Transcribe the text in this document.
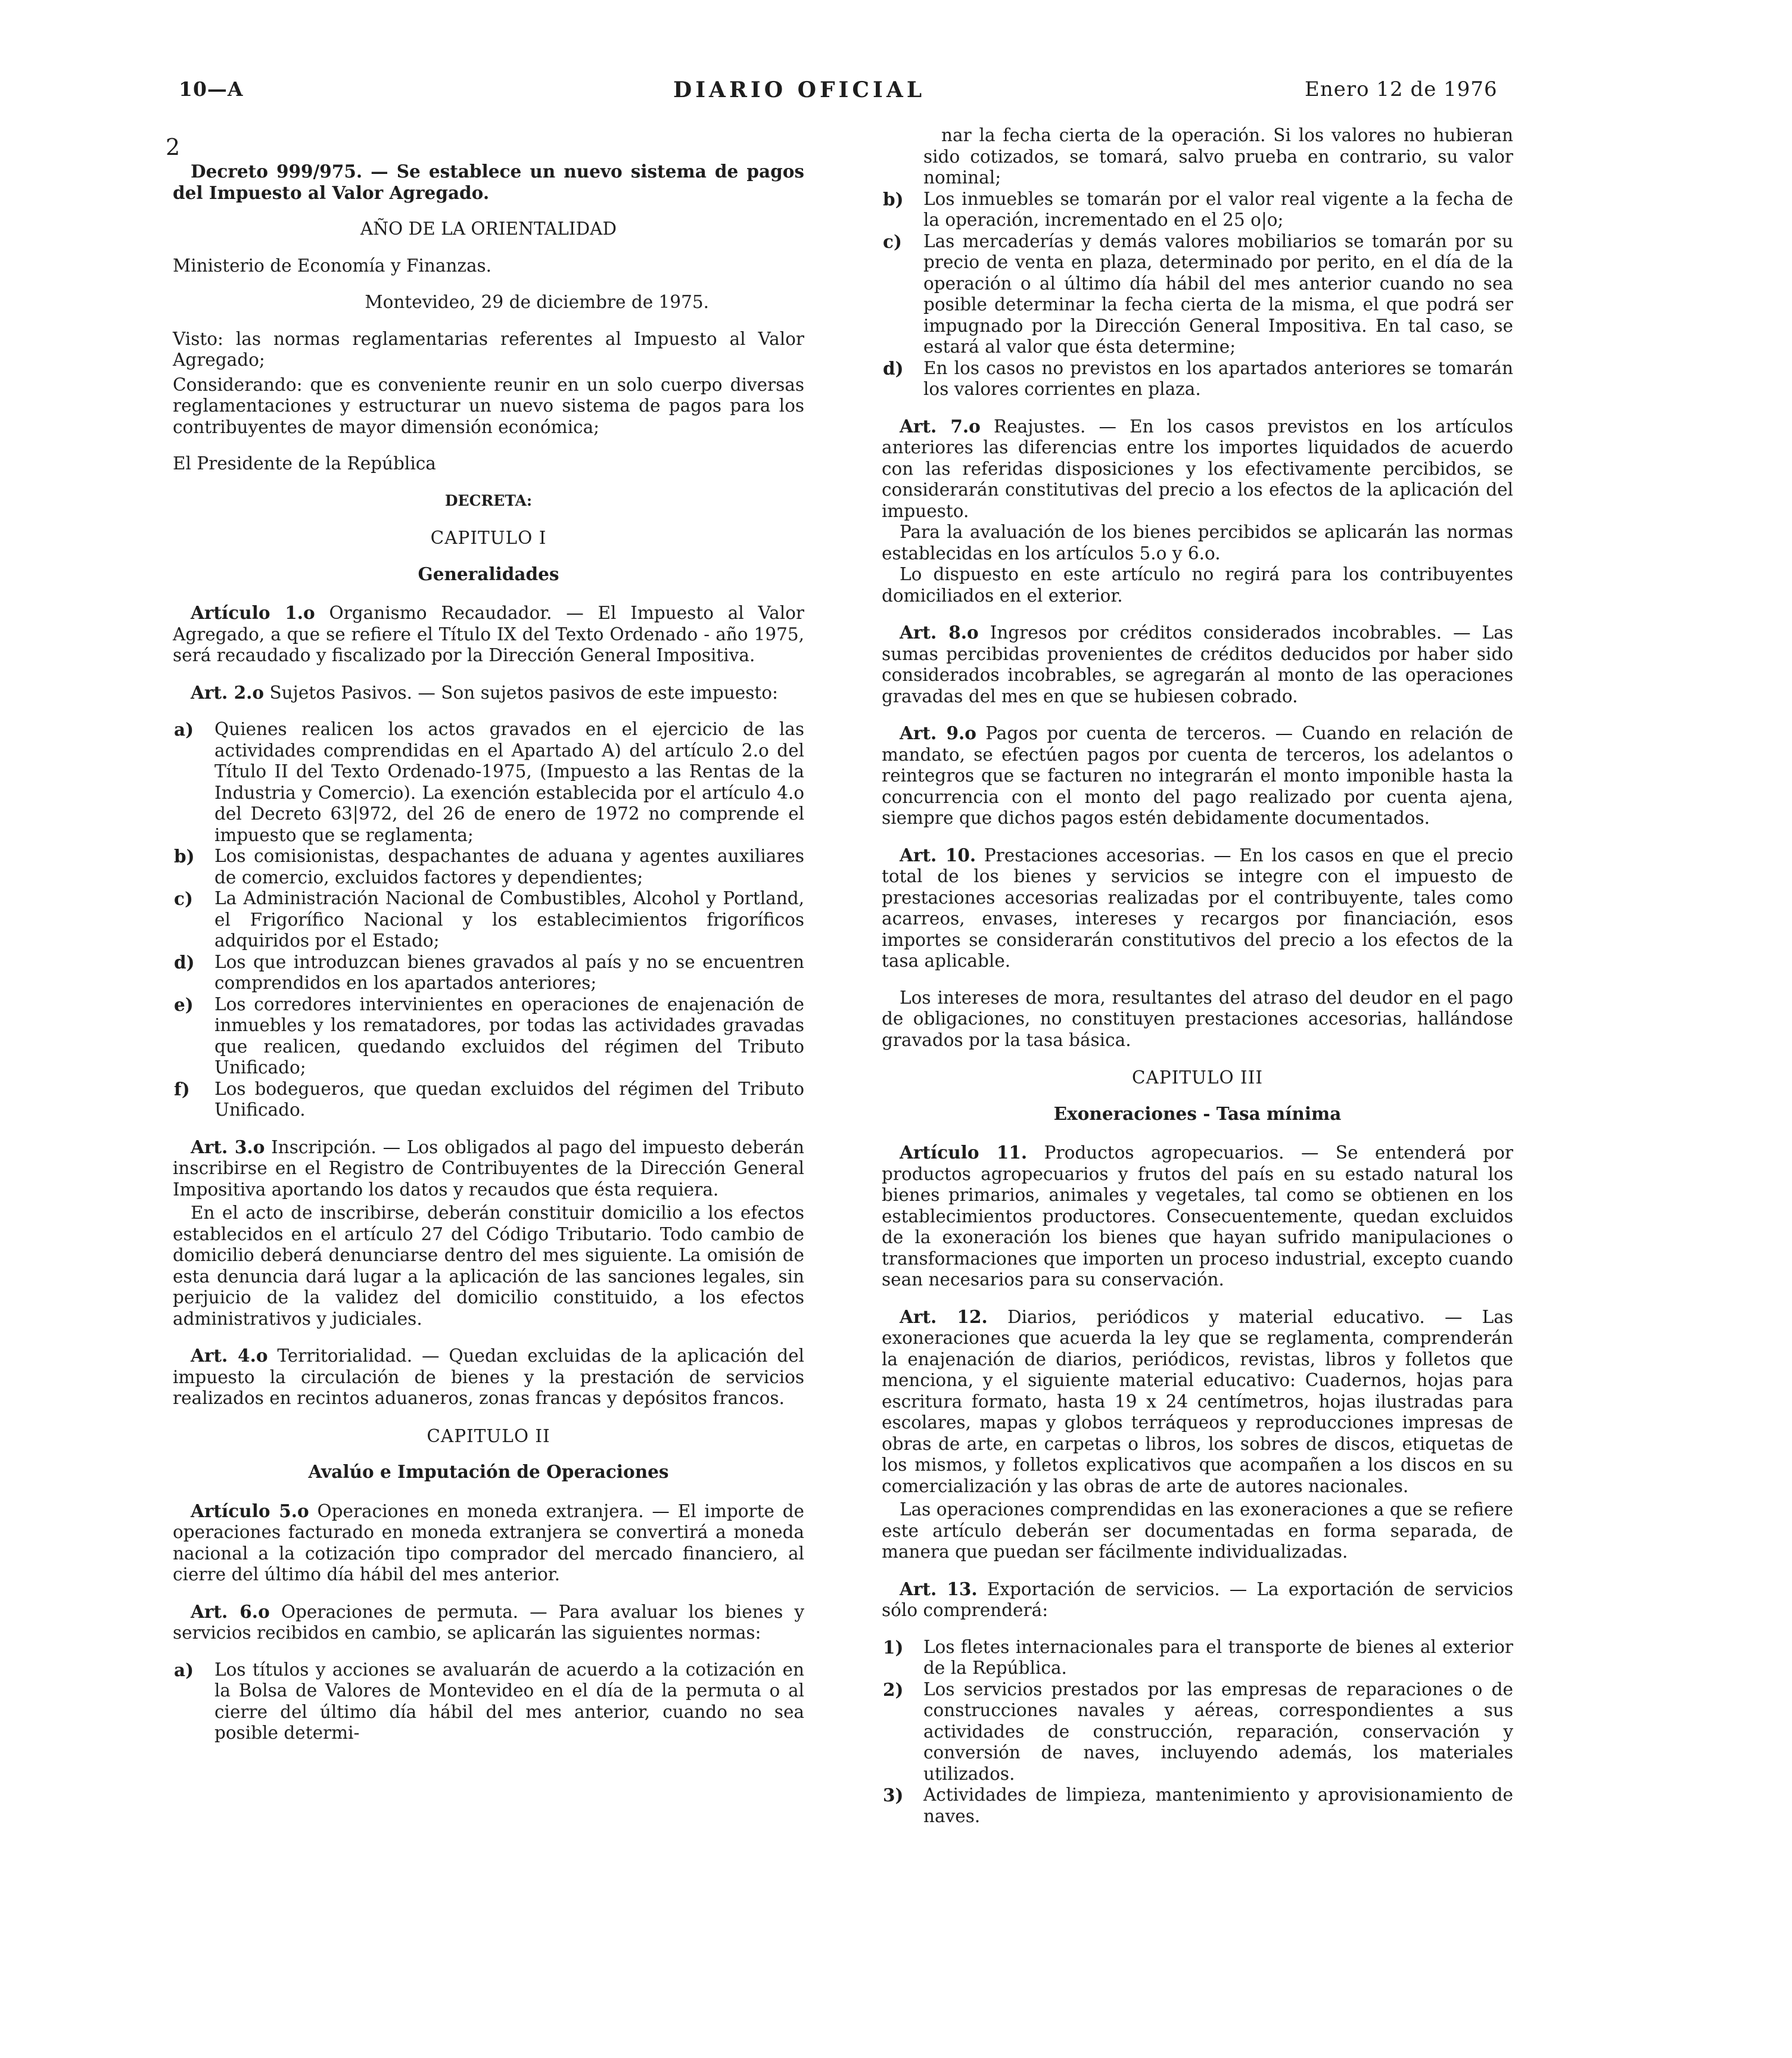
10—A	DIARIO OFICIAL	Enero 12 de 1976
2

Decreto 999/975. — Se establece un nuevo sistema de pagos del Impuesto al Valor Agregado.

AÑO DE LA ORIENTALIDAD

Ministerio de Economía y Finanzas.

Montevideo, 29 de diciembre de 1975.

Visto: las normas reglamentarias referentes al Impuesto al Valor Agregado;

Considerando: que es conveniente reunir en un solo cuerpo diversas reglamentaciones y estructurar un nuevo sistema de pagos para los contribuyentes de mayor dimensión económica;

El Presidente de la República

DECRETA:

CAPITULO I

Generalidades

Artículo 1.o Organismo Recaudador. — El Impuesto al Valor Agregado, a que se refiere el Título IX del Texto Ordenado - año 1975, será recaudado y fiscalizado por la Dirección General Impositiva.

Art. 2.o Sujetos Pasivos. — Son sujetos pasivos de este impuesto:

a) Quienes realicen los actos gravados en el ejercicio de las actividades comprendidas en el Apartado A) del artículo 2.o del Título II del Texto Ordenado-1975, (Impuesto a las Rentas de la Industria y Comercio). La exención establecida por el artículo 4.o del Decreto 63|972, del 26 de enero de 1972 no comprende el impuesto que se reglamenta;
b) Los comisionistas, despachantes de aduana y agentes auxiliares de comercio, excluidos factores y dependientes;
c) La Administración Nacional de Combustibles, Alcohol y Portland, el Frigorífico Nacional y los establecimientos frigoríficos adquiridos por el Estado;
d) Los que introduzcan bienes gravados al país y no se encuentren comprendidos en los apartados anteriores;
e) Los corredores intervinientes en operaciones de enajenación de inmuebles y los rematadores, por todas las actividades gravadas que realicen, quedando excluidos del régimen del Tributo Unificado;
f) Los bodegueros, que quedan excluidos del régimen del Tributo Unificado.

Art. 3.o Inscripción. — Los obligados al pago del impuesto deberán inscribirse en el Registro de Contribuyentes de la Dirección General Impositiva aportando los datos y recaudos que ésta requiera.

En el acto de inscribirse, deberán constituir domicilio a los efectos establecidos en el artículo 27 del Código Tributario. Todo cambio de domicilio deberá denunciarse dentro del mes siguiente. La omisión de esta denuncia dará lugar a la aplicación de las sanciones legales, sin perjuicio de la validez del domicilio constituido, a los efectos administrativos y judiciales.

Art. 4.o Territorialidad. — Quedan excluidas de la aplicación del impuesto la circulación de bienes y la prestación de servicios realizados en recintos aduaneros, zonas francas y depósitos francos.

CAPITULO II

Avalúo e Imputación de Operaciones

Artículo 5.o Operaciones en moneda extranjera. — El importe de operaciones facturado en moneda extranjera se convertirá a moneda nacional a la cotización tipo comprador del mercado financiero, al cierre del último día hábil del mes anterior.

Art. 6.o Operaciones de permuta. — Para avaluar los bienes y servicios recibidos en cambio, se aplicarán las siguientes normas:

a) Los títulos y acciones se avaluarán de acuerdo a la cotización en la Bolsa de Valores de Montevideo en el día de la permuta o al cierre del último día hábil del mes anterior, cuando no sea posible determi-

nar la fecha cierta de la operación. Si los valores no hubieran sido cotizados, se tomará, salvo prueba en contrario, su valor nominal;

b) Los inmuebles se tomarán por el valor real vigente a la fecha de la operación, incrementado en el 25 o|o;
c) Las mercaderías y demás valores mobiliarios se tomarán por su precio de venta en plaza, determinado por perito, en el día de la operación o al último día hábil del mes anterior cuando no sea posible determinar la fecha cierta de la misma, el que podrá ser impugnado por la Dirección General Impositiva. En tal caso, se estará al valor que ésta determine;
d) En los casos no previstos en los apartados anteriores se tomarán los valores corrientes en plaza.

Art. 7.o Reajustes. — En los casos previstos en los artículos anteriores las diferencias entre los importes liquidados de acuerdo con las referidas disposiciones y los efectivamente percibidos, se considerarán constitutivas del precio a los efectos de la aplicación del impuesto.

Para la avaluación de los bienes percibidos se aplicarán las normas establecidas en los artículos 5.o y 6.o.

Lo dispuesto en este artículo no regirá para los contribuyentes domiciliados en el exterior.

Art. 8.o Ingresos por créditos considerados incobrables. — Las sumas percibidas provenientes de créditos deducidos por haber sido considerados incobrables, se agregarán al monto de las operaciones gravadas del mes en que se hubiesen cobrado.

Art. 9.o Pagos por cuenta de terceros. — Cuando en relación de mandato, se efectúen pagos por cuenta de terceros, los adelantos o reintegros que se facturen no integrarán el monto imponible hasta la concurrencia con el monto del pago realizado por cuenta ajena, siempre que dichos pagos estén debidamente documentados.

Art. 10. Prestaciones accesorias. — En los casos en que el precio total de los bienes y servicios se integre con el impuesto de prestaciones accesorias realizadas por el contribuyente, tales como acarreos, envases, intereses y recargos por financiación, esos importes se considerarán constitutivos del precio a los efectos de la tasa aplicable.

Los intereses de mora, resultantes del atraso del deudor en el pago de obligaciones, no constituyen prestaciones accesorias, hallándose gravados por la tasa básica.

CAPITULO III

Exoneraciones - Tasa mínima

Artículo 11. Productos agropecuarios. — Se entenderá por productos agropecuarios y frutos del país en su estado natural los bienes primarios, animales y vegetales, tal como se obtienen en los establecimientos productores. Consecuentemente, quedan excluidos de la exoneración los bienes que hayan sufrido manipulaciones o transformaciones que importen un proceso industrial, excepto cuando sean necesarios para su conservación.

Art. 12. Diarios, periódicos y material educativo. — Las exoneraciones que acuerda la ley que se reglamenta, comprenderán la enajenación de diarios, periódicos, revistas, libros y folletos que menciona, y el siguiente material educativo: Cuadernos, hojas para escritura formato, hasta 19 x 24 centímetros, hojas ilustradas para escolares, mapas y globos terráqueos y reproducciones impresas de obras de arte, en carpetas o libros, los sobres de discos, etiquetas de los mismos, y folletos explicativos que acompañen a los discos en su comercialización y las obras de arte de autores nacionales.

Las operaciones comprendidas en las exoneraciones a que se refiere este artículo deberán ser documentadas en forma separada, de manera que puedan ser fácilmente individualizadas.

Art. 13. Exportación de servicios. — La exportación de servicios sólo comprenderá:

1) Los fletes internacionales para el transporte de bienes al exterior de la República.
2) Los servicios prestados por las empresas de reparaciones o de construcciones navales y aéreas, correspondientes a sus actividades de construcción, reparación, conservación y conversión de naves, incluyendo además, los materiales utilizados.
3) Actividades de limpieza, mantenimiento y aprovisionamiento de naves.
